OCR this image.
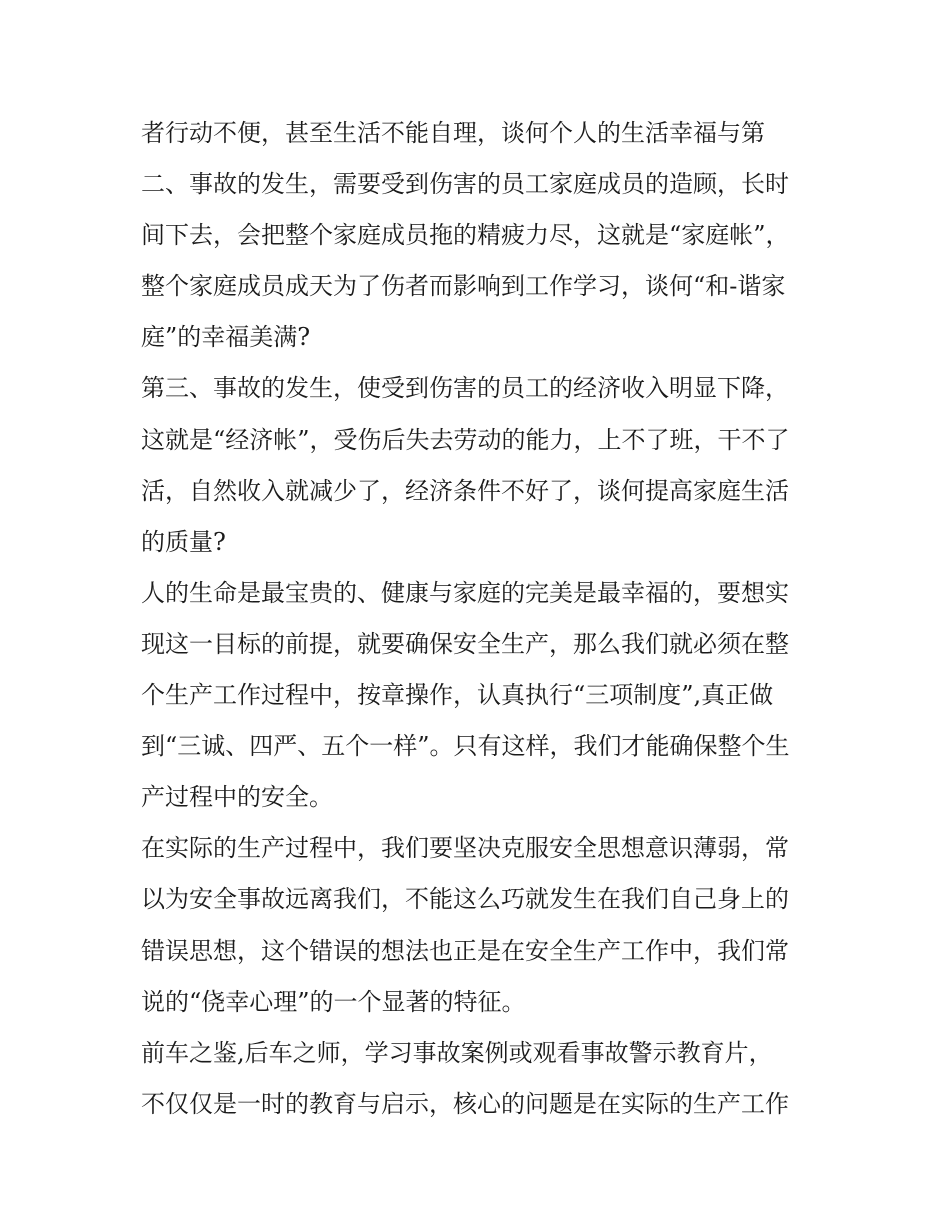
者行动不便，甚至生活不能自理，谈何个人的生活幸福与第
二、事故的发生，需要受到伤害的员工家庭成员的造顾，长时
间下去，会把整个家庭成员拖的精疲力尽，这就是“家庭帐”，
整个家庭成员成天为了伤者而影响到工作学习，谈何“和-谐家
庭”的幸福美满?
第三、事故的发生，使受到伤害的员工的经济收入明显下降，
这就是“经济帐”，受伤后失去劳动的能力，上不了班，干不了
活，自然收入就减少了，经济条件不好了，谈何提高家庭生活
的质量?
人的生命是最宝贵的、健康与家庭的完美是最幸福的，要想实
现这一目标的前提，就要确保安全生产，那么我们就必须在整
个生产工作过程中，按章操作，认真执行“三项制度”,真正做
到“三诚、四严、五个一样”。只有这样，我们才能确保整个生
产过程中的安全。
在实际的生产过程中，我们要坚决克服安全思想意识薄弱，常
以为安全事故远离我们，不能这么巧就发生在我们自己身上的
错误思想，这个错误的想法也正是在安全生产工作中，我们常
说的“侥幸心理”的一个显著的特征。
前车之鉴,后车之师，学习事故案例或观看事故警示教育片，
不仅仅是一时的教育与启示，核心的问题是在实际的生产工作
